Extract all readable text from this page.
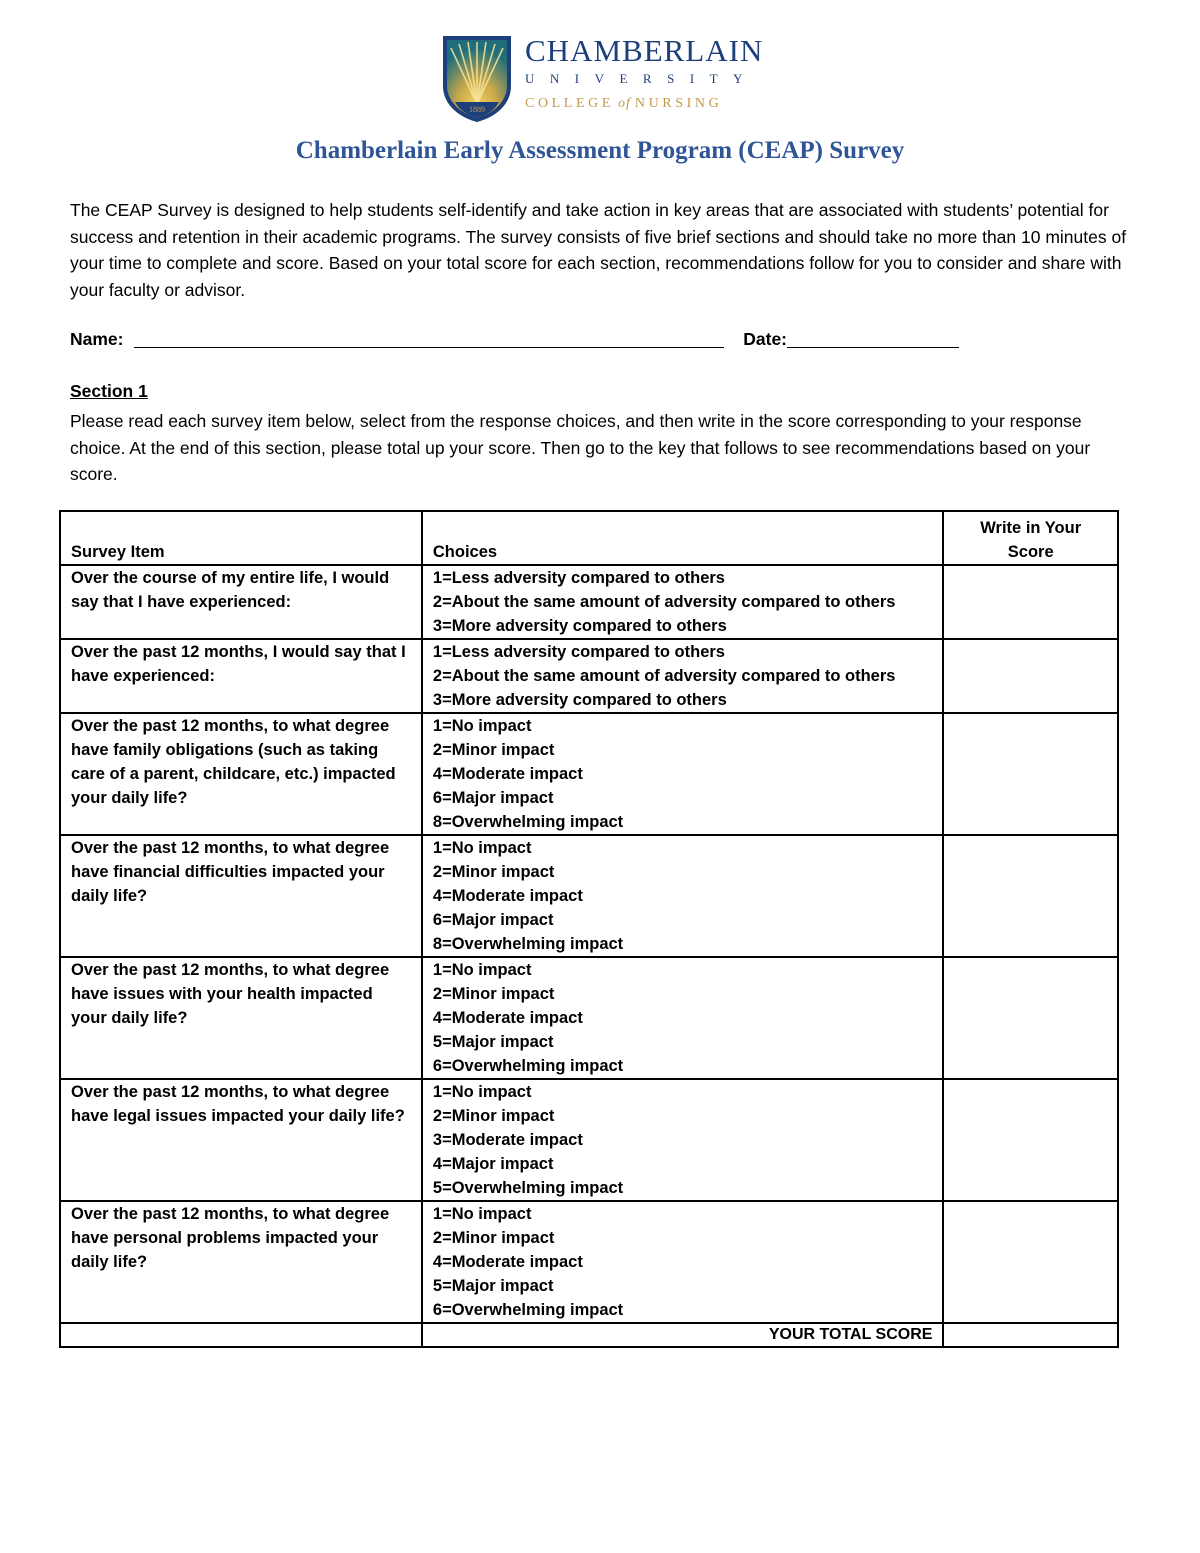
1889
CHAMBERLAIN
UNIVERSITY
COLLEGE of NURSING
Chamberlain Early Assessment Program (CEAP) Survey
The CEAP Survey is designed to help students self-identify and take action in key areas that are associated with students’ potential for success and retention in their academic programs. The survey consists of five brief sections and should take no more than 10 minutes of your time to complete and score. Based on your total score for each section, recommendations follow for you to consider and share with your faculty or advisor.
Name:	Date:
Section 1
Please read each survey item below, select from the response choices, and then write in the score corresponding to your response choice. At the end of this section, please total up your score. Then go to the key that follows to see recommendations based on your score.
Survey Item	Choices	Write in Your
Score

Over the course of my entire life, I would say that I have experienced:	1=Less adversity compared to others
2=About the same amount of adversity compared to others
3=More adversity compared to others	

Over the past 12 months, I would say that I have experienced:	1=Less adversity compared to others
2=About the same amount of adversity compared to others
3=More adversity compared to others	

Over the past 12 months, to what degree have family obligations (such as taking care of a parent, childcare, etc.) impacted your daily life?	1=No impact
2=Minor impact
4=Moderate impact
6=Major impact
8=Overwhelming impact	

Over the past 12 months, to what degree have financial difficulties impacted your daily life?	1=No impact
2=Minor impact
4=Moderate impact
6=Major impact
8=Overwhelming impact	

Over the past 12 months, to what degree have issues with your health impacted your daily life?	1=No impact
2=Minor impact
4=Moderate impact
5=Major impact
6=Overwhelming impact	

Over the past 12 months, to what degree have legal issues impacted your daily life?	1=No impact
2=Minor impact
3=Moderate impact
4=Major impact
5=Overwhelming impact	

Over the past 12 months, to what degree have personal problems impacted your daily life?	1=No impact
2=Minor impact
4=Moderate impact
5=Major impact
6=Overwhelming impact	

	YOUR TOTAL SCORE	
